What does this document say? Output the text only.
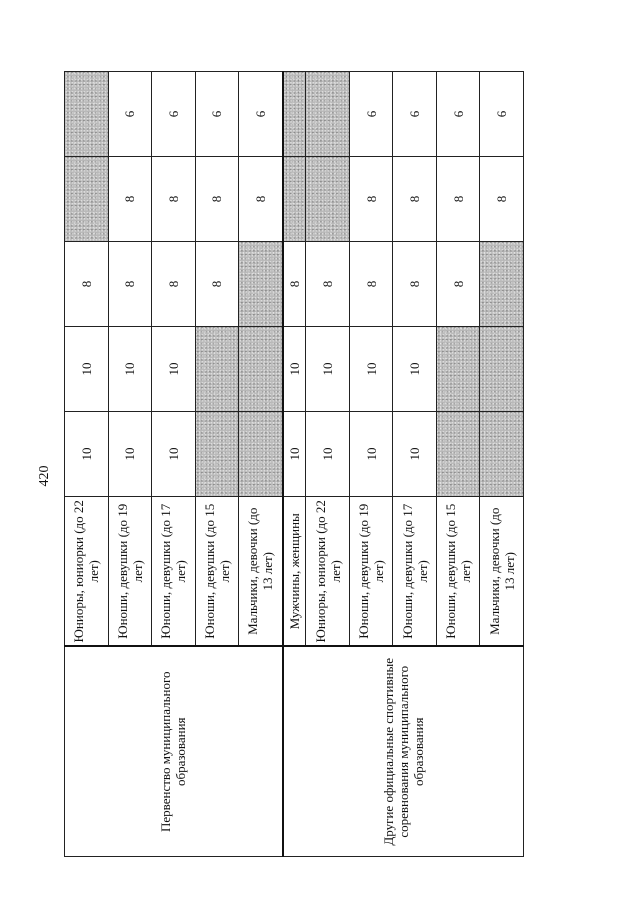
420
Первенство муниципального образования	Юниоры, юниорки (до 22 лет)	10	10	8		
	Юноши, девушки (до 19 лет)	10	10	8	8	6
	Юноши, девушки (до 17 лет)	10	10	8	8	6
	Юноши, девушки (до 15 лет)			8	8	6
	Мальчики, девочки (до 13 лет)				8	6
Другие официальные спортивные соревнования муниципального образования	Мужчины, женщины	10	10	8		
	Юниоры, юниорки (до 22 лет)	10	10	8		
	Юноши, девушки (до 19 лет)	10	10	8	8	6
	Юноши, девушки (до 17 лет)	10	10	8	8	6
	Юноши, девушки (до 15 лет)			8	8	6
	Мальчики, девочки (до 13 лет)				8	6
